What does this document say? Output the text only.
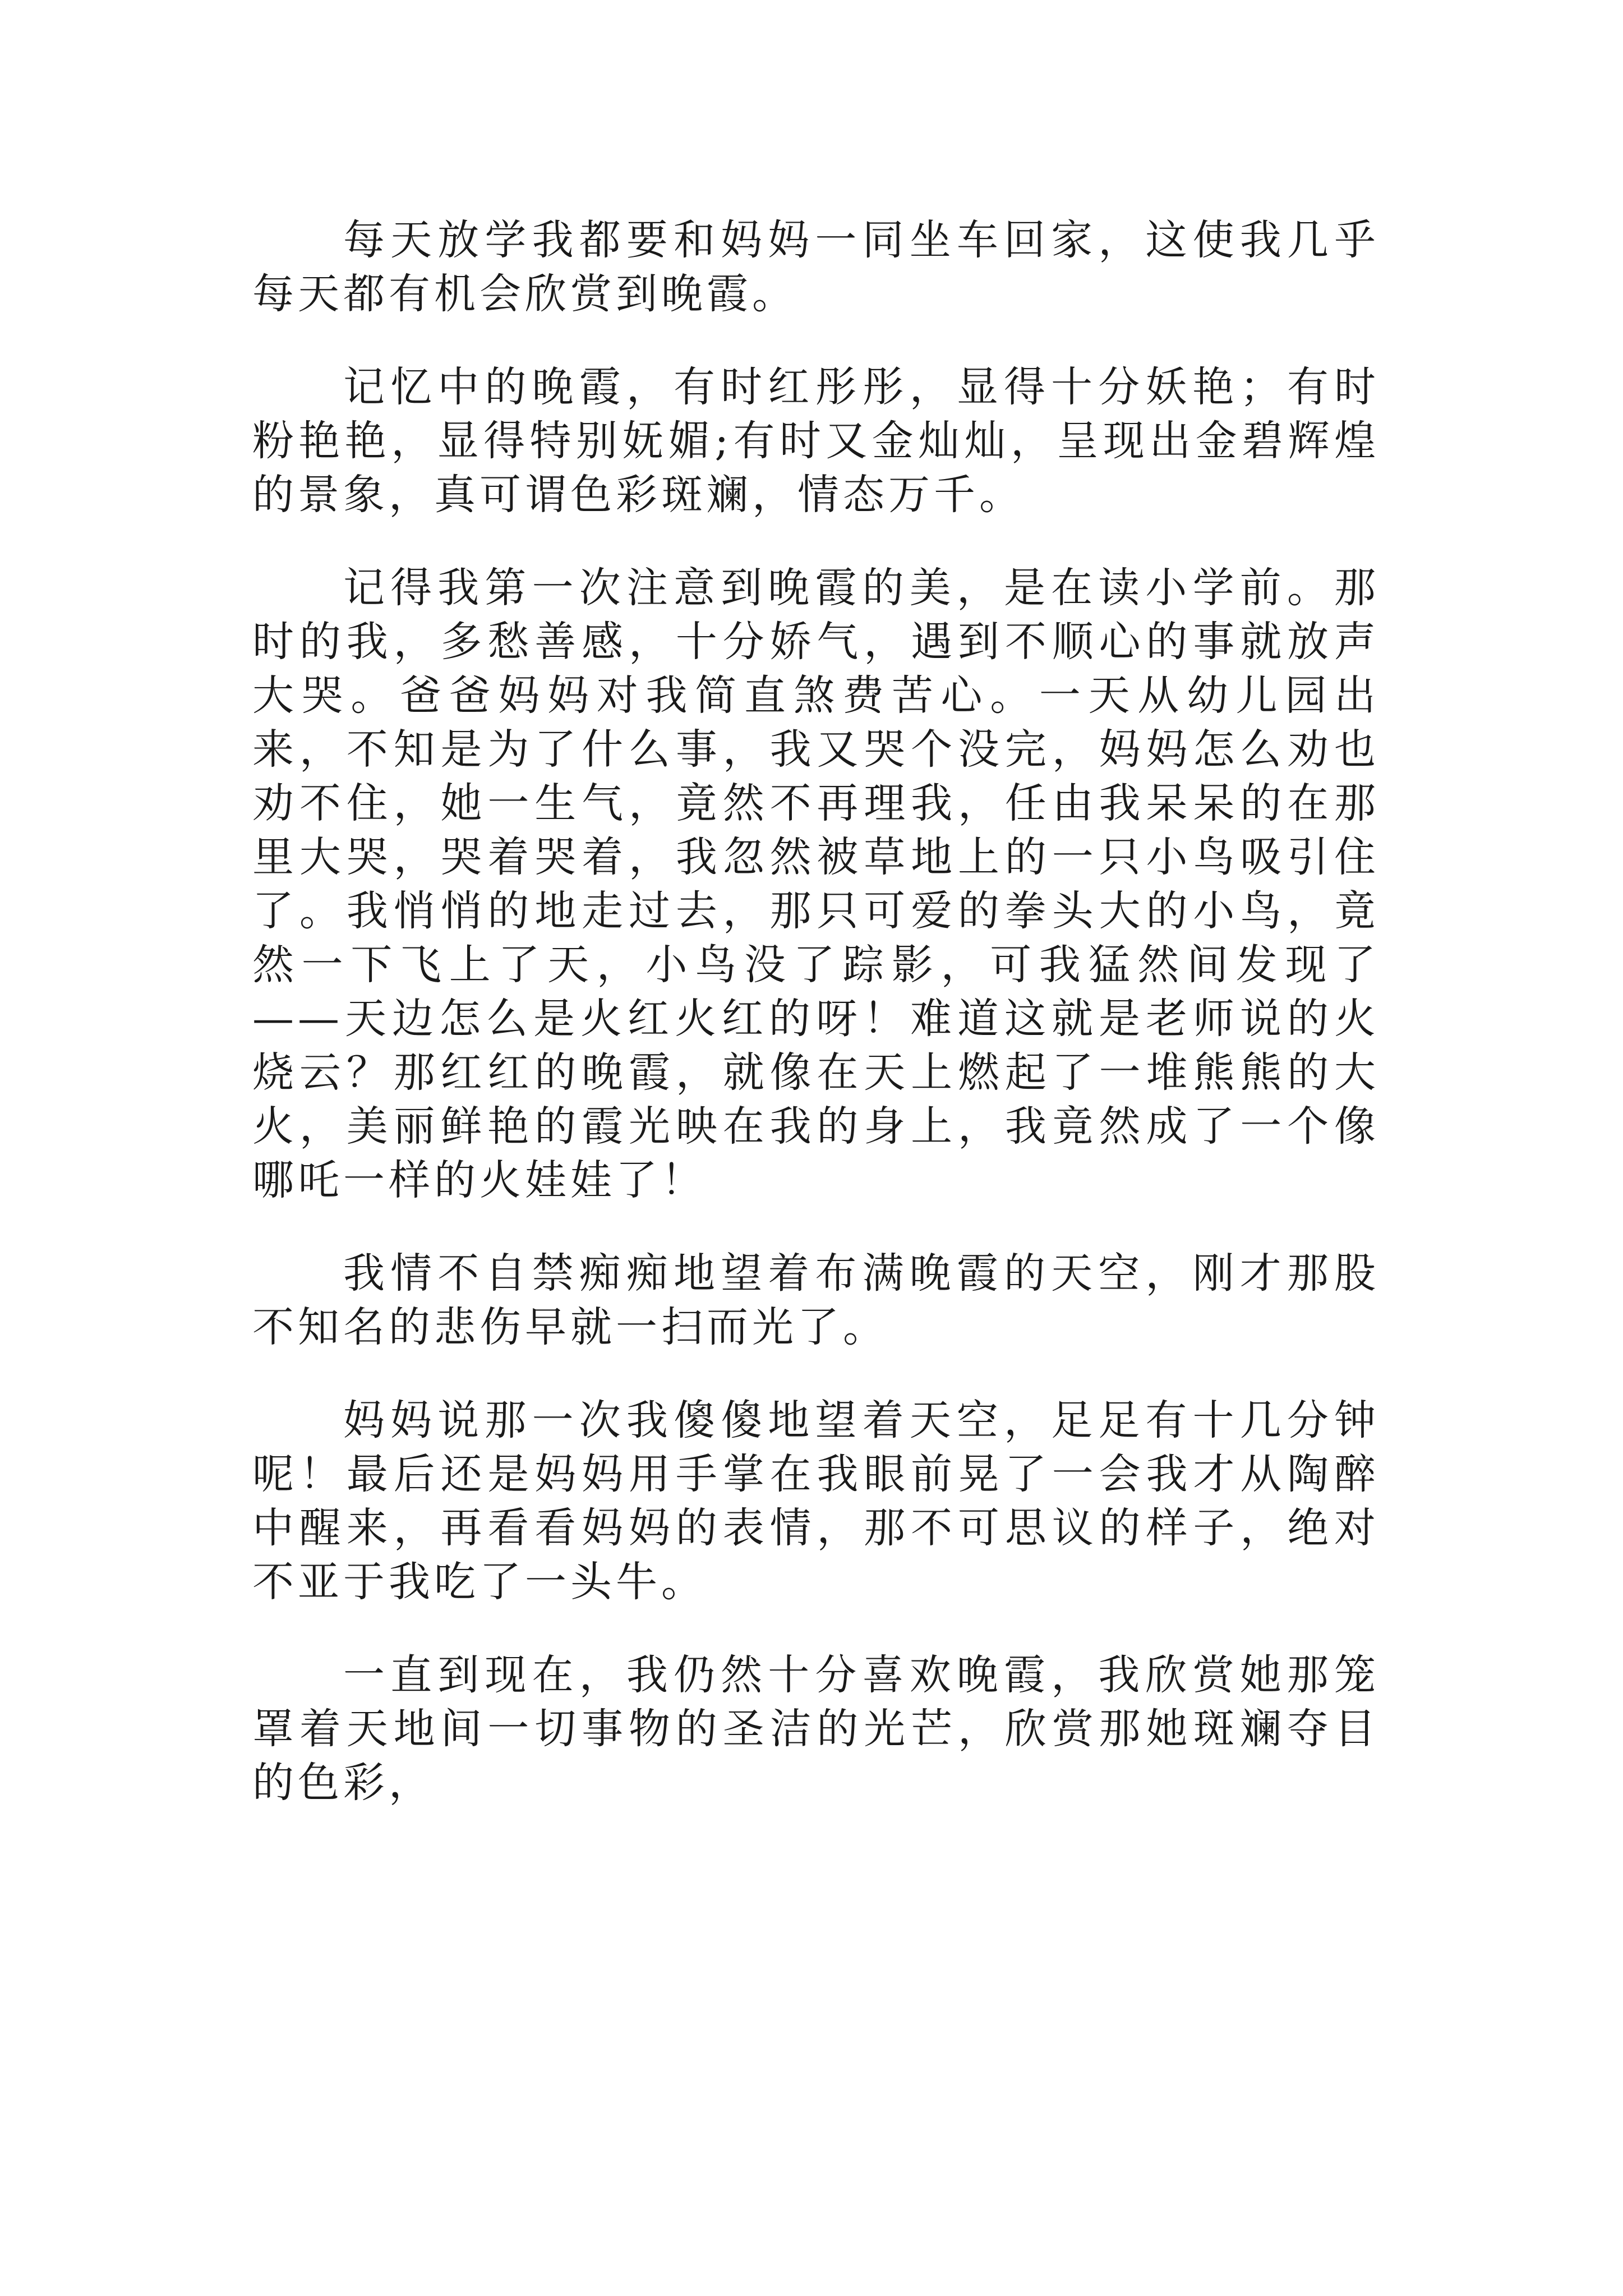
每天放学我都要和妈妈一同坐车回家，这使我几乎每天都有机会欣赏到晚霞。

记忆中的晚霞，有时红彤彤，显得十分妖艳；有时粉艳艳，显得特别妩媚;有时又金灿灿，呈现出金碧辉煌的景象，真可谓色彩斑斓，情态万千。

记得我第一次注意到晚霞的美，是在读小学前。那时的我，多愁善感，十分娇气，遇到不顺心的事就放声大哭。爸爸妈妈对我简直煞费苦心。一天从幼儿园出来，不知是为了什么事，我又哭个没完，妈妈怎么劝也劝不住，她一生气，竟然不再理我，任由我呆呆的在那里大哭，哭着哭着，我忽然被草地上的一只小鸟吸引住了。我悄悄的地走过去，那只可爱的拳头大的小鸟，竟然一下飞上了天，小鸟没了踪影，可我猛然间发现了——天边怎么是火红火红的呀！难道这就是老师说的火烧云？那红红的晚霞，就像在天上燃起了一堆熊熊的大火，美丽鲜艳的霞光映在我的身上，我竟然成了一个像哪吒一样的火娃娃了！

我情不自禁痴痴地望着布满晚霞的天空，刚才那股不知名的悲伤早就一扫而光了。

妈妈说那一次我傻傻地望着天空，足足有十几分钟呢！最后还是妈妈用手掌在我眼前晃了一会我才从陶醉中醒来，再看看妈妈的表情，那不可思议的样子，绝对不亚于我吃了一头牛。

一直到现在，我仍然十分喜欢晚霞，我欣赏她那笼罩着天地间一切事物的圣洁的光芒，欣赏那她斑斓夺目的色彩，
